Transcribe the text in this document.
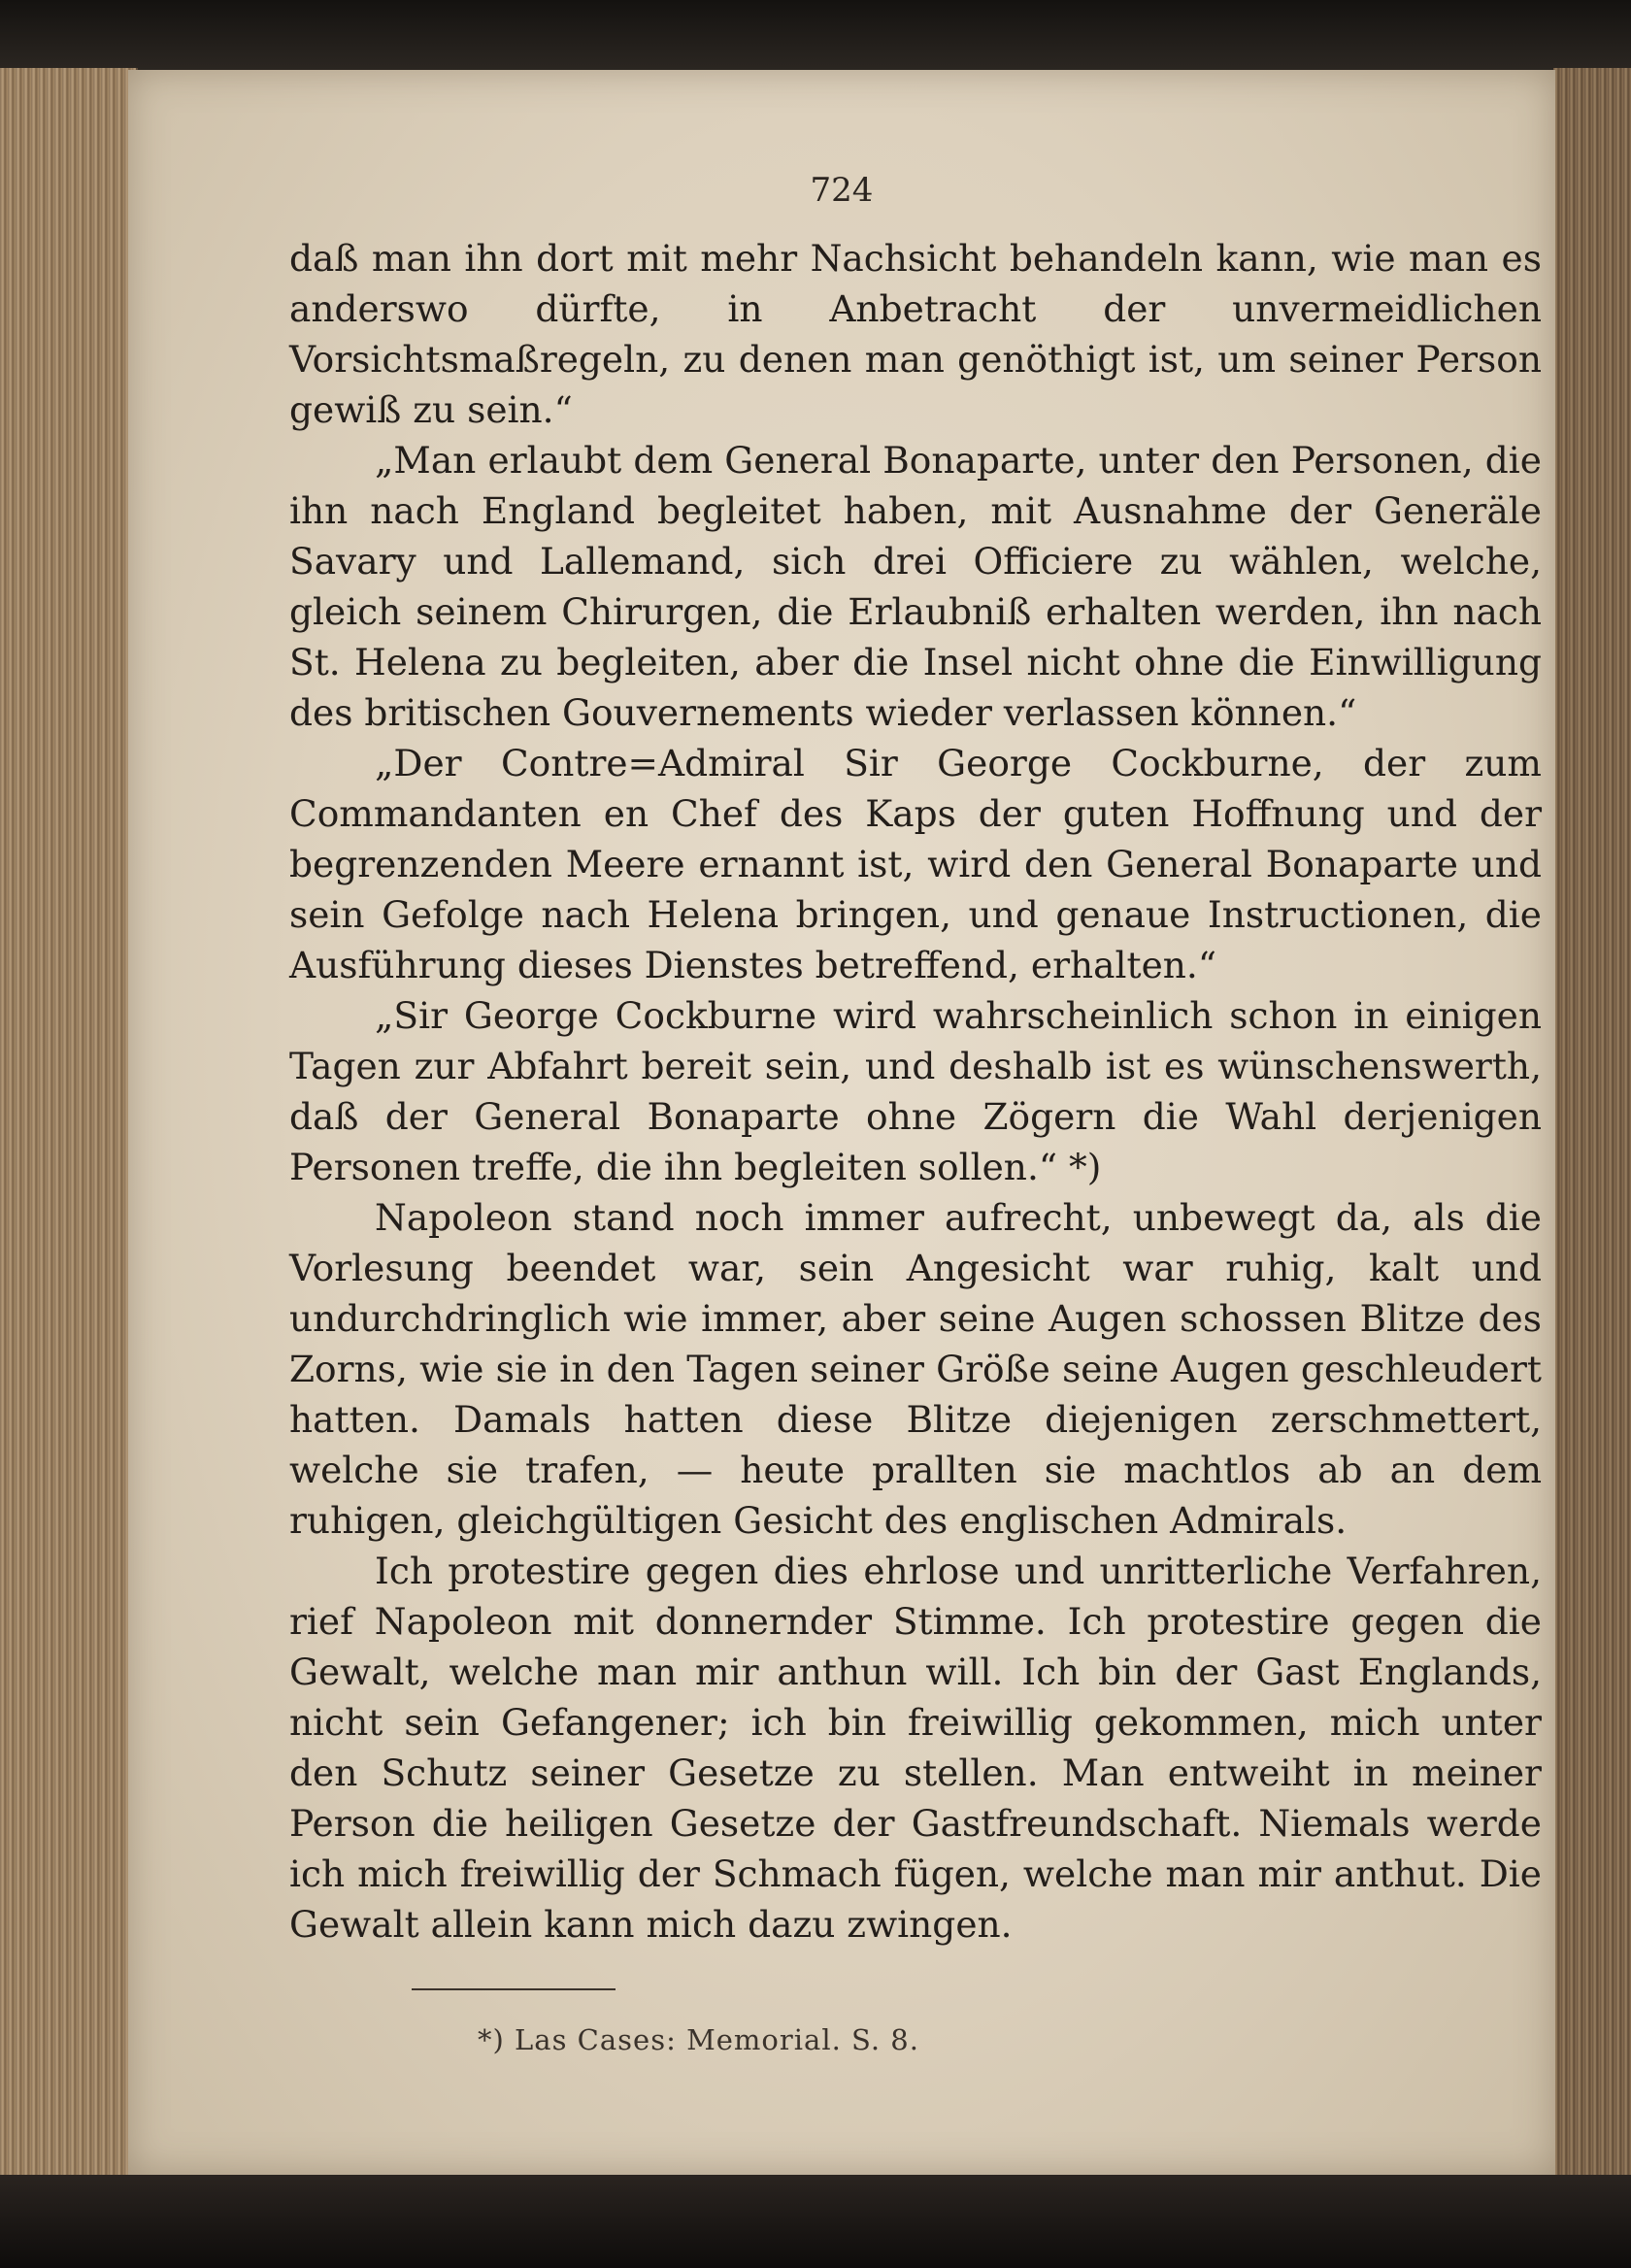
724

daß man ihn dort mit mehr Nachsicht behandeln kann, wie man es anderswo dürfte, in Anbetracht der unvermeidlichen Vorsichtsmaßregeln, zu denen man genöthigt ist, um seiner Person gewiß zu sein.“

„Man erlaubt dem General Bonaparte, unter den Personen, die ihn nach England begleitet haben, mit Ausnahme der Generäle Savary und Lallemand, sich drei Officiere zu wählen, welche, gleich seinem Chirurgen, die Erlaubniß erhalten werden, ihn nach St. Helena zu begleiten, aber die Insel nicht ohne die Einwilligung des britischen Gouvernements wieder verlassen können.“

„Der Contre=Admiral Sir George Cockburne, der zum Commandanten en Chef des Kaps der guten Hoffnung und der begrenzenden Meere ernannt ist, wird den General Bonaparte und sein Gefolge nach Helena bringen, und genaue Instructionen, die Ausführung dieses Dienstes betreffend, erhalten.“

„Sir George Cockburne wird wahrscheinlich schon in einigen Tagen zur Abfahrt bereit sein, und deshalb ist es wünschenswerth, daß der General Bonaparte ohne Zögern die Wahl derjenigen Personen treffe, die ihn begleiten sollen.“ *)

Napoleon stand noch immer aufrecht, unbewegt da, als die Vorlesung beendet war, sein Angesicht war ruhig, kalt und undurchdringlich wie immer, aber seine Augen schossen Blitze des Zorns, wie sie in den Tagen seiner Größe seine Augen geschleudert hatten. Damals hatten diese Blitze diejenigen zerschmettert, welche sie trafen, — heute prallten sie machtlos ab an dem ruhigen, gleichgültigen Gesicht des englischen Admirals.

Ich protestire gegen dies ehrlose und unritterliche Verfahren, rief Napoleon mit donnernder Stimme. Ich protestire gegen die Gewalt, welche man mir anthun will. Ich bin der Gast Englands, nicht sein Gefangener; ich bin freiwillig gekommen, mich unter den Schutz seiner Gesetze zu stellen. Man entweiht in meiner Person die heiligen Gesetze der Gastfreundschaft. Niemals werde ich mich freiwillig der Schmach fügen, welche man mir anthut. Die Gewalt allein kann mich dazu zwingen.

*) Las Cases: Memorial. S. 8.
